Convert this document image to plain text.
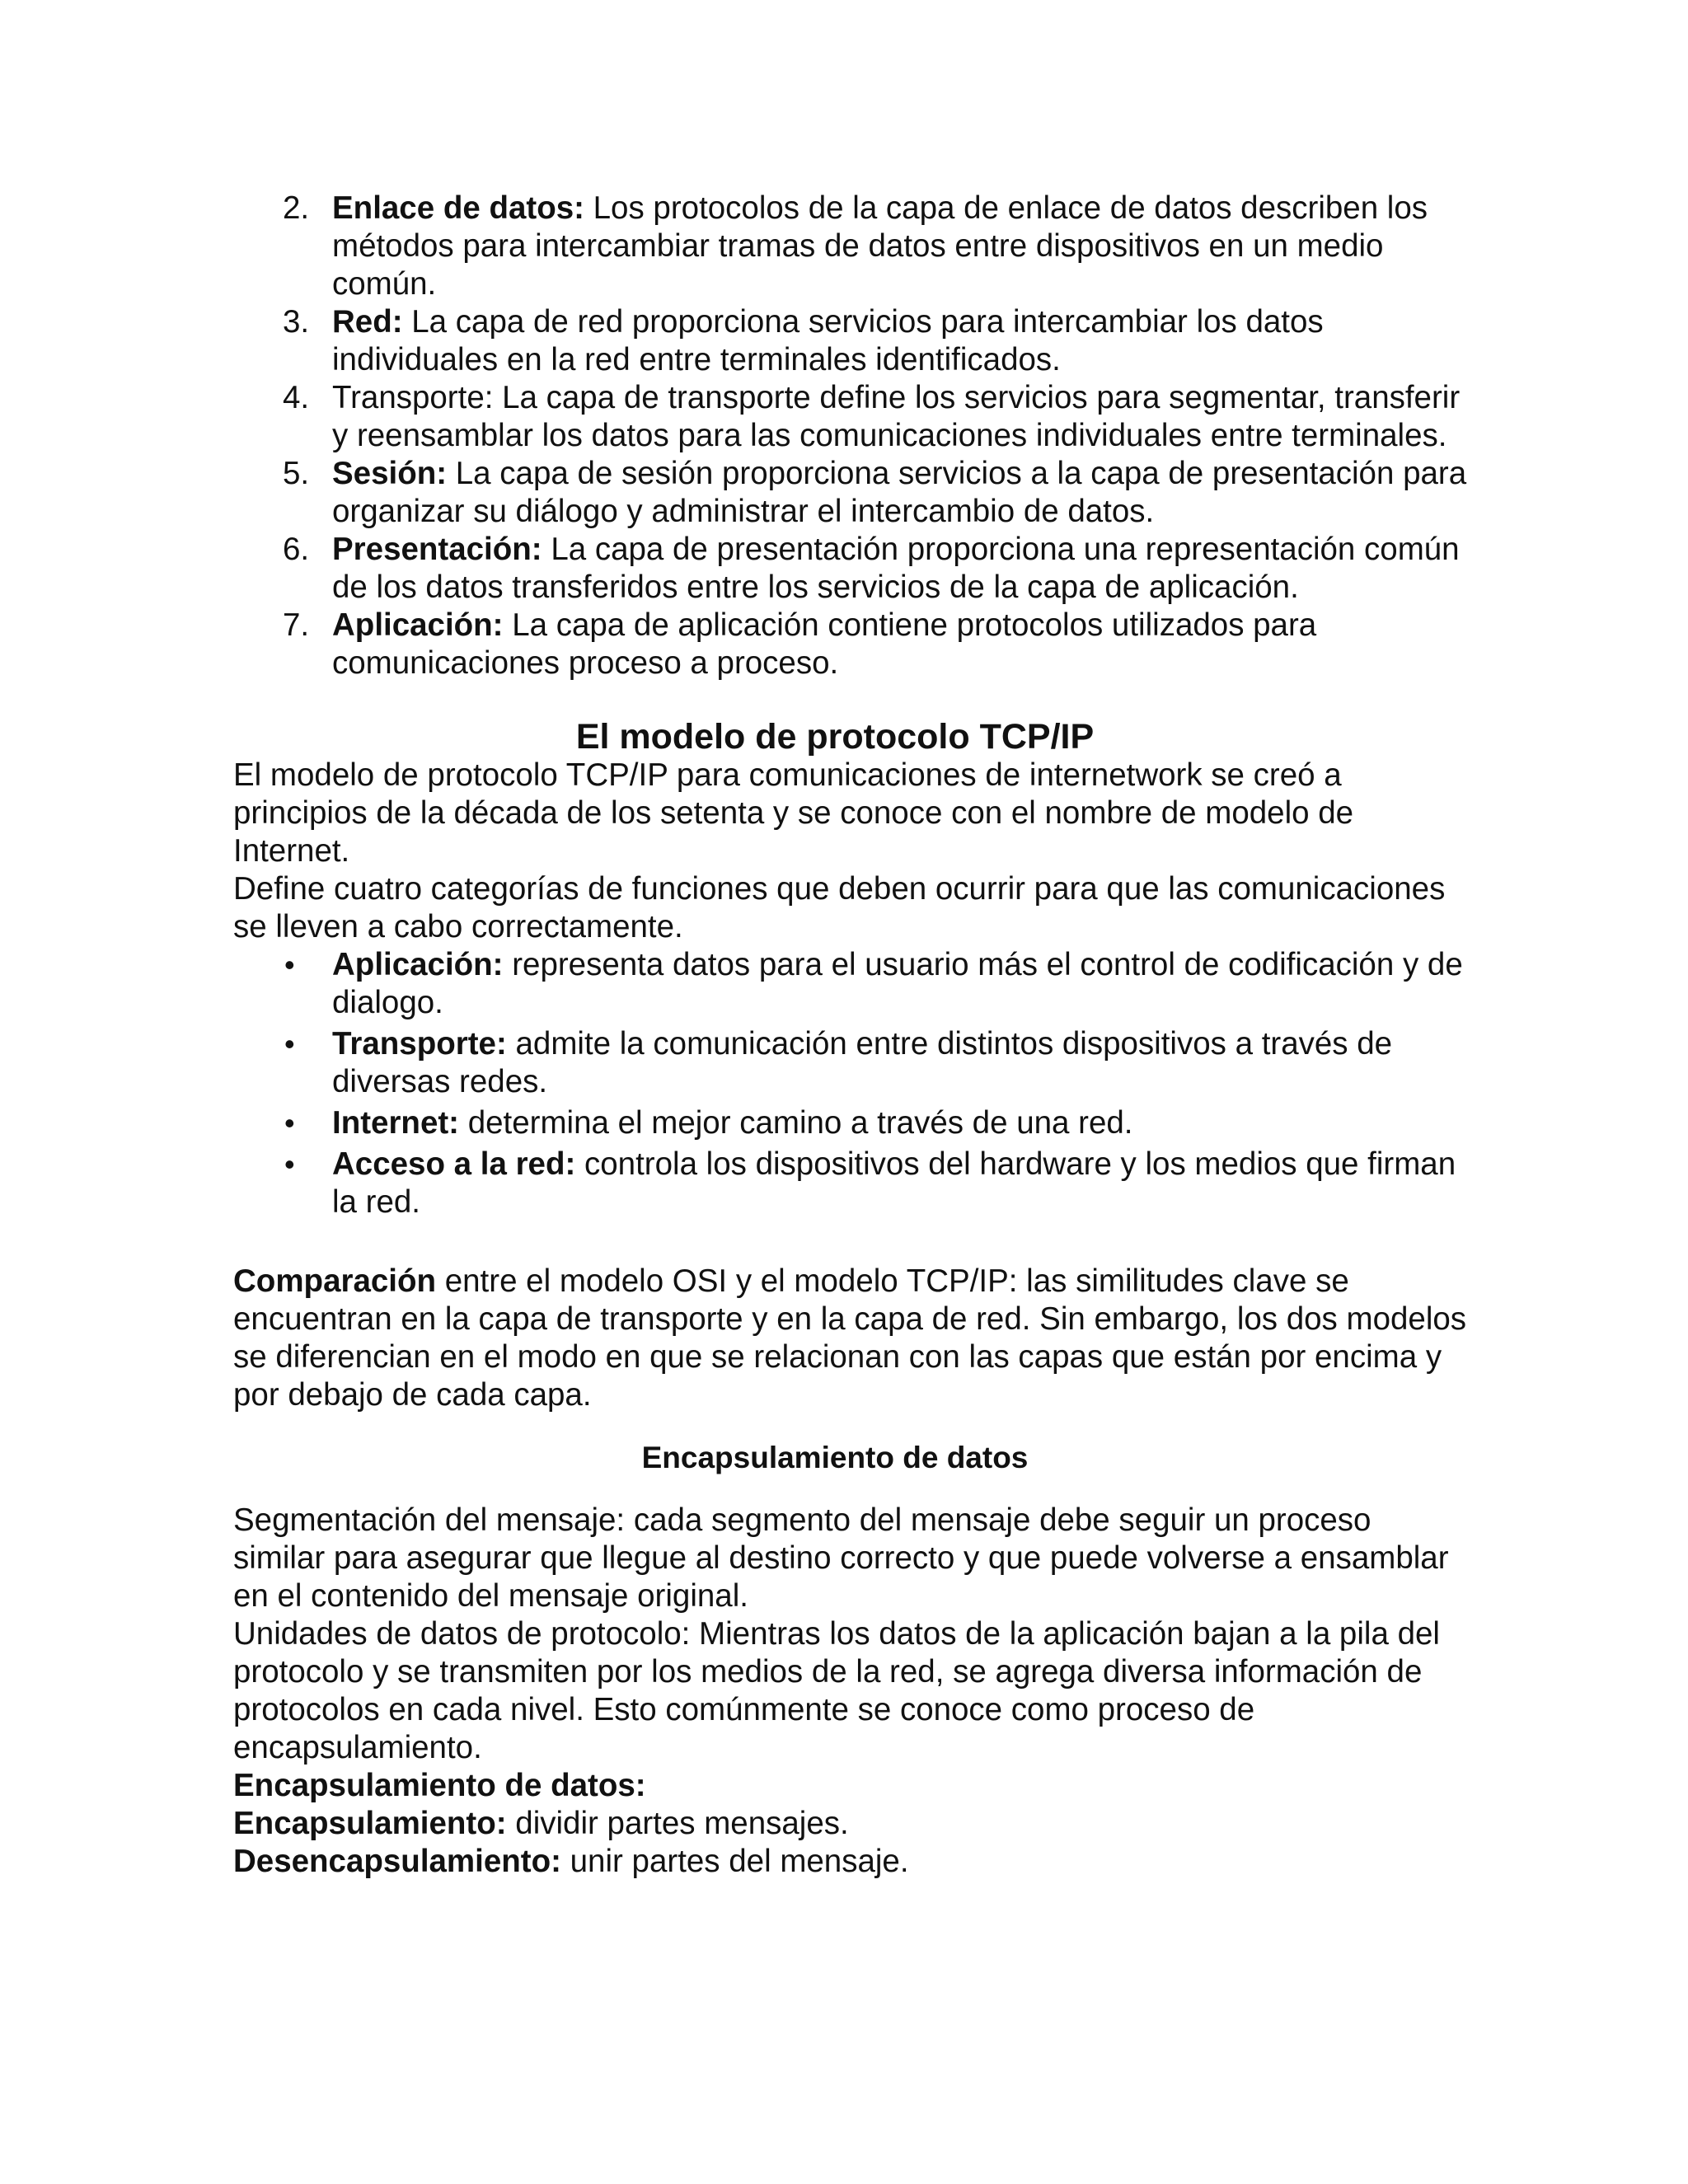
2. Enlace de datos: Los protocolos de la capa de enlace de datos describen los métodos para intercambiar tramas de datos entre dispositivos en un medio común.
3. Red: La capa de red proporciona servicios para intercambiar los datos individuales en la red entre terminales identificados.
4. Transporte: La capa de transporte define los servicios para segmentar, transferir y reensamblar los datos para las comunicaciones individuales entre terminales.
5. Sesión: La capa de sesión proporciona servicios a la capa de presentación para organizar su diálogo y administrar el intercambio de datos.
6. Presentación: La capa de presentación proporciona una representación común de los datos transferidos entre los servicios de la capa de aplicación.
7. Aplicación: La capa de aplicación contiene protocolos utilizados para comunicaciones proceso a proceso.
El modelo de protocolo TCP/IP

El modelo de protocolo TCP/IP para comunicaciones de internetwork se creó a principios de la década de los setenta y se conoce con el nombre de modelo de Internet.

Define cuatro categorías de funciones que deben ocurrir para que las comunicaciones se lleven a cabo correctamente.

• Aplicación: representa datos para el usuario más el control de codificación y de dialogo.
• Transporte: admite la comunicación entre distintos dispositivos a través de diversas redes.
• Internet: determina el mejor camino a través de una red.
• Acceso a la red: controla los dispositivos del hardware y los medios que firman la red.

Comparación entre el modelo OSI y el modelo TCP/IP: las similitudes clave se encuentran en la capa de transporte y en la capa de red. Sin embargo, los dos modelos se diferencian en el modo en que se relacionan con las capas que están por encima y por debajo de cada capa.

Encapsulamiento de datos

Segmentación del mensaje: cada segmento del mensaje debe seguir un proceso similar para asegurar que llegue al destino correcto y que puede volverse a ensamblar en el contenido del mensaje original.

Unidades de datos de protocolo: Mientras los datos de la aplicación bajan a la pila del protocolo y se transmiten por los medios de la red, se agrega diversa información de protocolos en cada nivel. Esto comúnmente se conoce como proceso de encapsulamiento.

Encapsulamiento de datos:

Encapsulamiento: dividir partes mensajes.

Desencapsulamiento: unir partes del mensaje.
